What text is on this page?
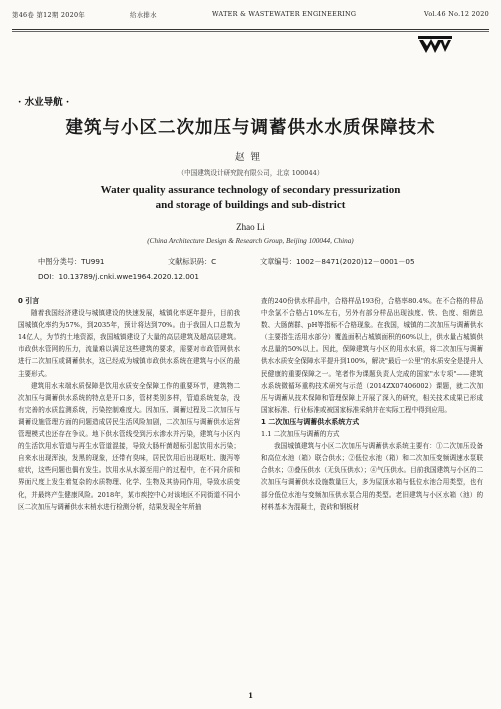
第46卷 第12期 2020年	给水排水	WATER & WASTEWATER ENGINEERING	Vol.46 No.12 2020
· 水业导航 ·
建筑与小区二次加压与调蓄供水水质保障技术
赵锂
（中国建筑设计研究院有限公司，北京 100044）
Water quality assurance technology of secondary pressurization
and storage of buildings and sub-district
Zhao Li
(China Architecture Design & Research Group, Beijing 100044, China)
中图分类号：TU991	文献标识码：C	文章编号：1002－8471(2020)12－0001－05
DOI：10.13789/j.cnki.wwe1964.2020.12.001
0 引言

随着我国经济建设与城镇建设的快速发展，城镇化率逐年提升，目前我国城镇化率约为57%，到2035年，预计将达到70%。由于我国人口总数为14亿人，为节约土地资源，我国城镇建设了大量的高层建筑及超高层建筑。市政供水管网的压力，流量难以满足这些建筑的要求，需要对市政管网供水进行二次加压或调蓄供水，这已经成为城镇市政供水系统在建筑与小区的最主要形式。

建筑用水末端水质保障是饮用水质安全保障工作的重要环节，建筑物二次加压与调蓄供水系统的特点是开口多，管材类别多样，管道系统复杂，没有完善的水质监测系统，污染控制难度大。因加压、调蓄过程及二次加压与调蓄设施管理方面的问题造成居民生活风险加剧，二次加压与调蓄供水运营管理模式也还存在争议。地下供水管线受到污水渗水并污染，建筑与小区内的生活饮用水管道与再生水管道混接，导致大肠杆菌超标引起饮用水污染；自来水出现浑浊，发黑的现象，还带有臭味，居民饮用后出现呕吐、腹泻等症状，这些问题也偶有发生。饮用水从水源至用户的过程中，在不同介质和界面尺度上发生着复杂的水质物理、化学、生物及其协同作用，导致水质变化，并最终产生健康风险。2018年，某市疾控中心对该地区不同街道不同小区二次加压与调蓄供水末梢水进行检测分析，结果发现全年所抽

查的240份供水样品中，合格样品193份，合格率80.4%。在不合格的样品中余氯不合格占10%左右，另外有部分样品出现浊度、铁、色度、细菌总数、大肠菌群、pH等指标不合格现象。在我国，城镇的二次加压与调蓄供水（主要指生活用水部分）覆盖面积占城镇面积的60%以上，供水量占城镇供水总量的50%以上。因此，保障建筑与小区的用水水质，将二次加压与调蓄供水水质安全保障水平提升到100%，解决"最后一公里"的水质安全是提升人民健康的重要保障之一。笔者作为课题负责人完成的国家"水专项"——建筑水系统微循环重构技术研究与示范（2014ZX07406002）课题，就二次加压与调蓄从技术保障和管理保障上开展了深入的研究，相关技术成果已形成国家标准、行业标准或被国家标准采纳并在实际工程中得到应用。

1 二次加压与调蓄供水系统方式
1.1 二次加压与调蓄的方式

我国城镇建筑与小区二次加压与调蓄供水系统主要有：①二次加压设备和高位水池（箱）联合供水；②低位水池（箱）和二次加压变频调速水泵联合供水；③叠压供水（无负压供水）；④气压供水。目前我国建筑与小区的二次加压与调蓄供水设施数量巨大，多为屋顶水箱与低位水池合用类型，也有部分低位水池与变频加压供水泵合用的类型。老旧建筑与小区水箱（池）的材料基本为混凝土，瓷砖和钢板材

1
